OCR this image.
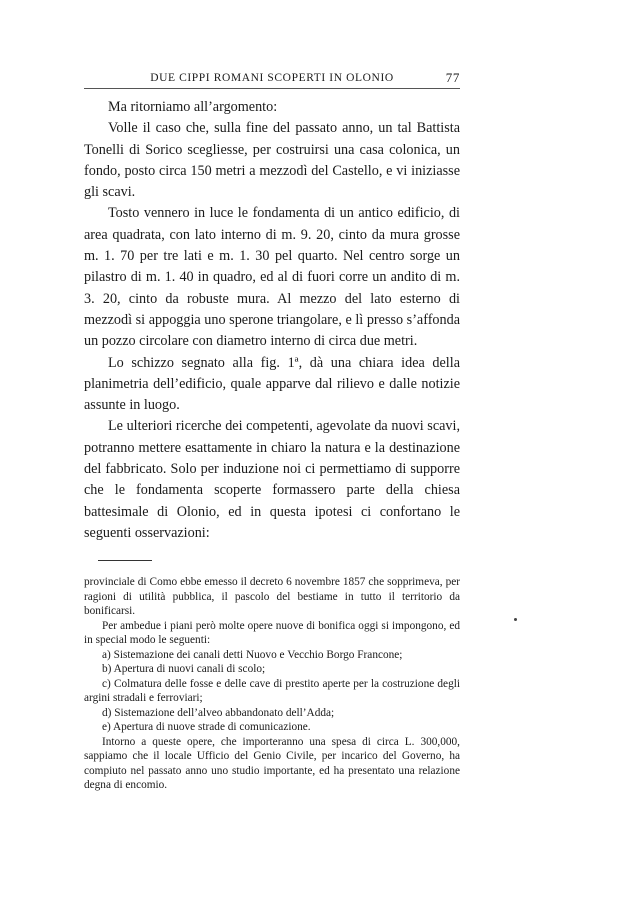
DUE CIPPI ROMANI SCOPERTI IN OLONIO	77

Ma ritorniamo all’argomento:

Volle il caso che, sulla fine del passato anno, un tal Battista Tonelli di Sorico scegliesse, per costruirsi una casa colonica, un fondo, posto circa 150 metri a mezzodì del Castello, e vi iniziasse gli scavi.

Tosto vennero in luce le fondamenta di un antico edificio, di area quadrata, con lato interno di m. 9. 20, cinto da mura grosse m. 1. 70 per tre lati e m. 1. 30 pel quarto. Nel centro sorge un pilastro di m. 1. 40 in quadro, ed al di fuori corre un andito di m. 3. 20, cinto da robuste mura. Al mezzo del lato esterno di mezzodì si appoggia uno sperone triangolare, e lì presso s’affonda un pozzo circolare con diametro interno di circa due metri.

Lo schizzo segnato alla fig. 1ª, dà una chiara idea della planimetria dell’edificio, quale apparve dal rilievo e dalle notizie assunte in luogo.

Le ulteriori ricerche dei competenti, agevolate da nuovi scavi, potranno mettere esattamente in chiaro la natura e la destinazione del fabbricato. Solo per induzione noi ci permettiamo di supporre che le fondamenta scoperte formassero parte della chiesa battesimale di Olonio, ed in questa ipotesi ci confortano le seguenti osservazioni:

provinciale di Como ebbe emesso il decreto 6 novembre 1857 che sopprimeva, per ragioni di utilità pubblica, il pascolo del bestiame in tutto il territorio da bonificarsi.

Per ambedue i piani però molte opere nuove di bonifica oggi si impongono, ed in special modo le seguenti:

a) Sistemazione dei canali detti Nuovo e Vecchio Borgo Francone;

b) Apertura di nuovi canali di scolo;

c) Colmatura delle fosse e delle cave di prestito aperte per la costruzione degli argini stradali e ferroviari;

d) Sistemazione dell’alveo abbandonato dell’Adda;

e) Apertura di nuove strade di comunicazione.

Intorno a queste opere, che importeranno una spesa di circa L. 300,000, sappiamo che il locale Ufficio del Genio Civile, per incarico del Governo, ha compiuto nel passato anno uno studio importante, ed ha presentato una relazione degna di encomio.
